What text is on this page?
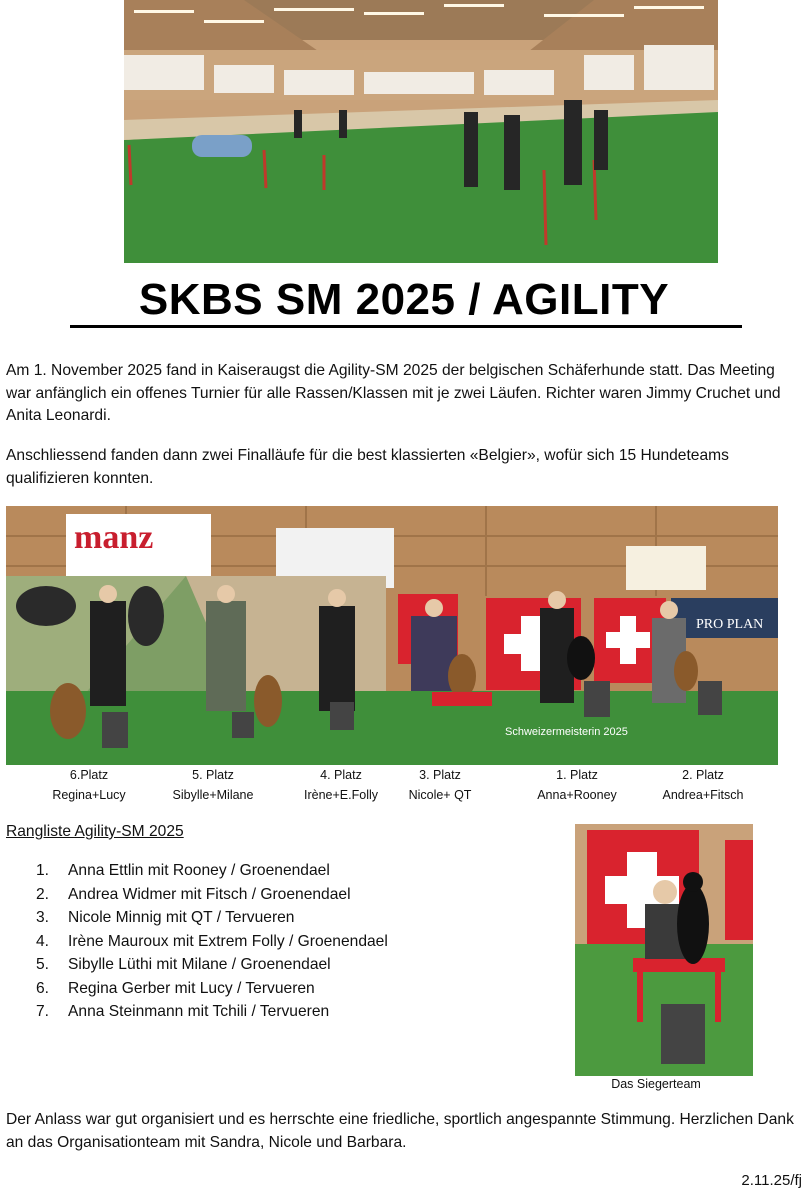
SKBS SM 2025 / AGILITY
Am 1. November 2025 fand in Kaiseraugst die Agility-SM 2025 der belgischen Schäferhunde statt. Das Meeting war anfänglich ein offenes Turnier für alle Rassen/Klassen mit je zwei Läufen. Richter waren Jimmy Cruchet und Anita Leonardi.
Anschliessend fanden dann zwei Finalläufe für die best klassierten «Belgier», wofür sich 15 Hundeteams qualifizieren konnten.
manz
PRO PLAN
Schweizermeisterin 2025
6.Platz
Regina+Lucy
5. Platz
Sibylle+Milane
4. Platz
Irène+E.Folly
3. Platz
Nicole+ QT
1. Platz
Anna+Rooney
2. Platz
Andrea+Fitsch
Rangliste Agility-SM 2025
1.	Anna Ettlin mit Rooney / Groenendael
2.	Andrea Widmer mit Fitsch / Groenendael
3.	Nicole Minnig mit QT / Tervueren
4.	Irène Mauroux mit Extrem Folly / Groenendael
5.	Sibylle Lüthi mit Milane / Groenendael
6.	Regina Gerber mit Lucy / Tervueren
7.	Anna Steinmann mit Tchili / Tervueren
Das Siegerteam
Der Anlass war gut organisiert und es herrschte eine friedliche, sportlich angespannte Stimmung. Herzlichen Dank an das Organisationteam mit Sandra, Nicole und Barbara.
2.11.25/fj
